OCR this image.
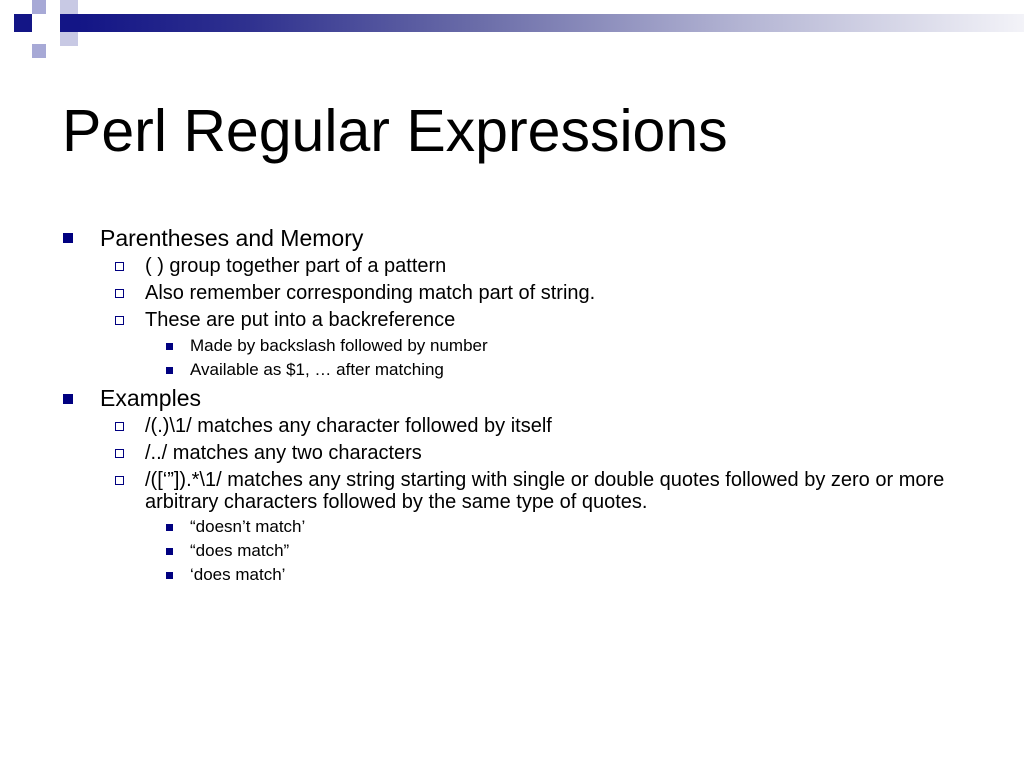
Perl Regular Expressions
Parentheses and Memory
( ) group together part of a pattern
Also remember corresponding match part of string.
These are put into a backreference
Made by backslash followed by number
Available as $1, … after matching
Examples
/(.)\1/ matches any character followed by itself
/../ matches any two characters
/([‘”]).*\1/ matches any string starting with single or double quotes followed by zero or more arbitrary characters followed by the same type of quotes.
“doesn’t match’
“does match”
‘does match’
